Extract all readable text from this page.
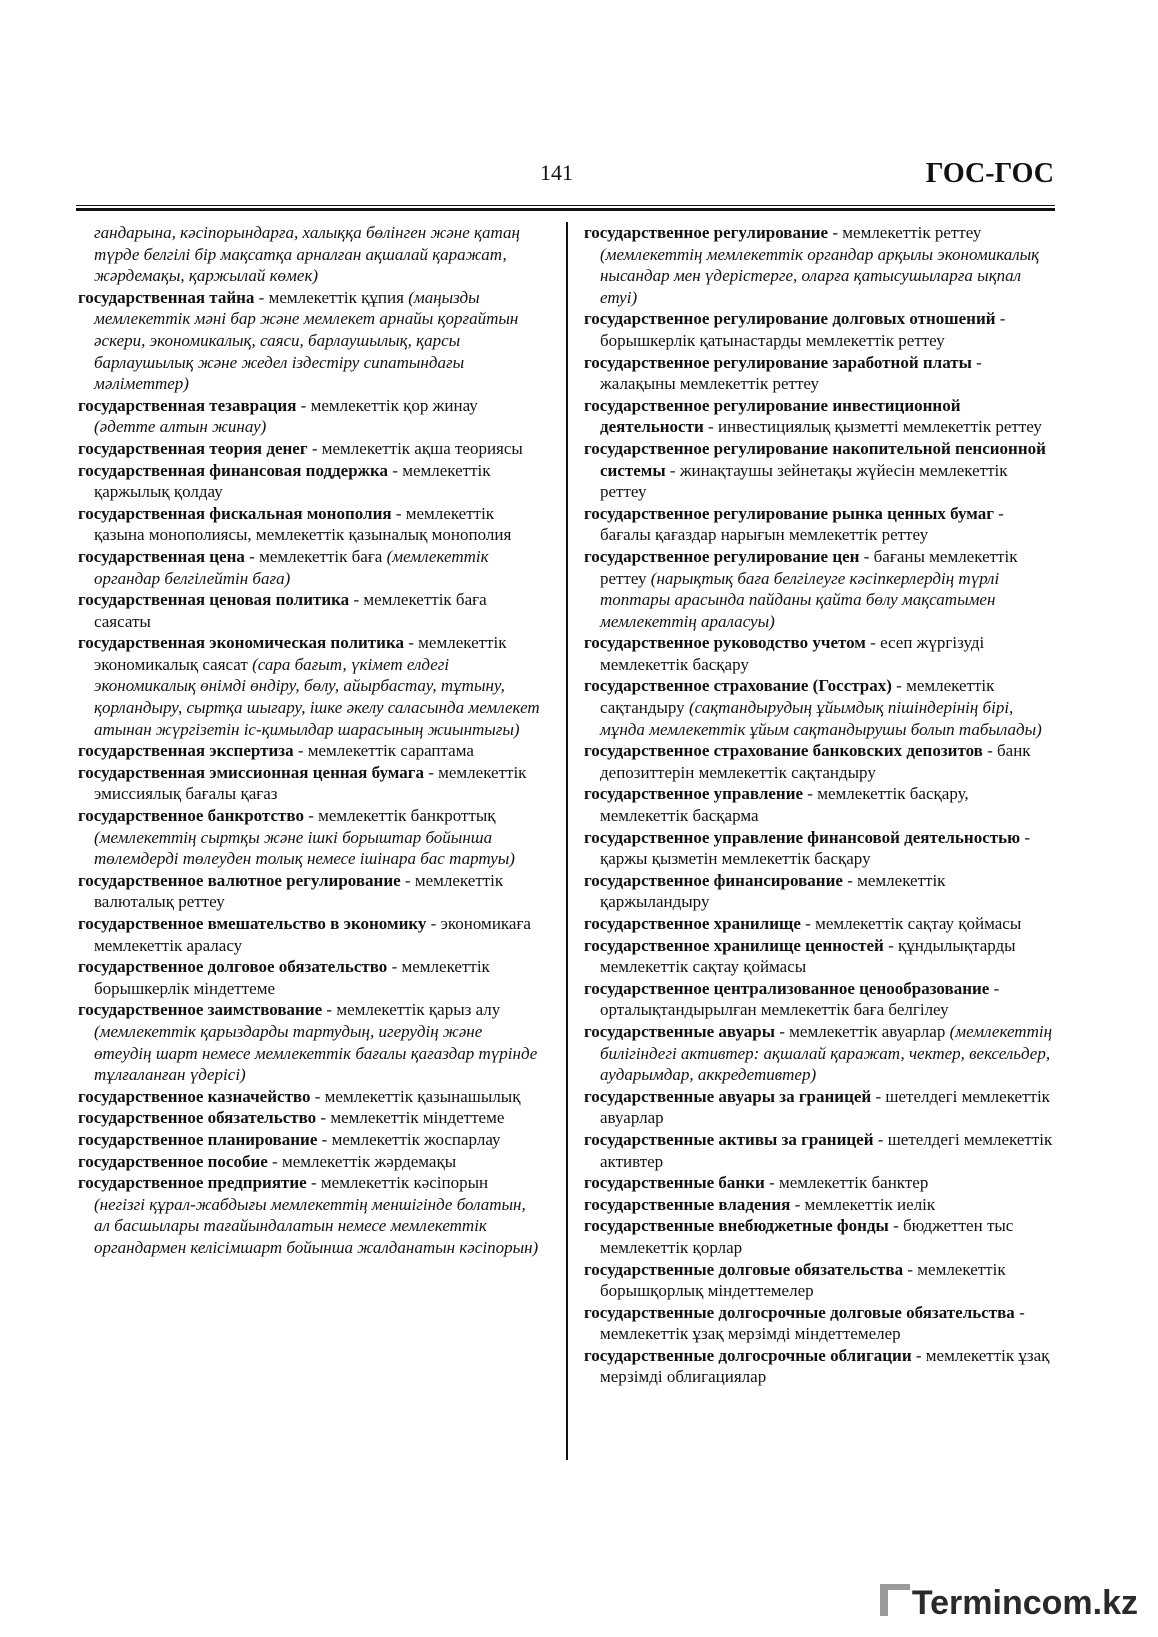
141	ГОС-ГОС

гандарына, кәсіпорындарға, халыққа бөлінген және қатаң түрде белгілі бір мақсатқа арналған ақшалай қаражат, жәрдемақы, қаржылай көмек)

государственная тайна - мемлекеттік құпия (маңызды мемлекеттік мәні бар және мемлекет арнайы қорғайтын әскери, экономикалық, саяси, барлаушылық, қарсы барлаушылық және жедел іздестіру сипатындағы мәліметтер)

государственная тезаврация - мемлекеттік қор жинау (әдетте алтын жинау)

государственная теория денег - мемлекеттік ақша теориясы

государственная финансовая поддержка - мемлекеттік қаржылық қолдау

государственная фискальная монополия - мемлекеттік қазына монополиясы, мемлекеттік қазыналық монополия

государственная цена - мемлекеттік баға (мемлекеттік органдар белгілейтін баға)

государственная ценовая политика - мемлекеттік баға саясаты

государственная экономическая политика - мемлекеттік экономикалық саясат (сара бағыт, үкімет елдегі экономикалық өнімді өндіру, бөлу, айырбастау, тұтыну, қорландыру, сыртқа шығару, ішке әкелу саласында мемлекет атынан жүргізетін іс-қимылдар шарасының жиынтығы)

государственная экспертиза - мемлекеттік сараптама

государственная эмиссионная ценная бумага - мемлекеттік эмиссиялық бағалы қағаз

государственное банкротство - мемлекеттік банкроттық (мемлекеттің сыртқы және ішкі борыштар бойынша төлемдерді төлеуден толық немесе ішінара бас тартуы)

государственное валютное регулирование - мемлекеттік валюталық реттеу

государственное вмешательство в экономику - экономикаға мемлекеттік араласу

государственное долговое обязательство - мемлекеттік борышкерлік міндеттеме

государственное заимствование - мемлекеттік қарыз алу (мемлекеттік қарыздарды тартудың, игерудің және өтеудің шарт немесе мемлекеттік бағалы қағаздар түрінде тұлғаланған үдерісі)

государственное казначейство - мемлекеттік қазынашылық

государственное обязательство - мемлекеттік міндеттеме

государственное планирование - мемлекеттік жоспарлау

государственное пособие - мемлекеттік жәрдемақы

государственное предприятие - мемлекеттік кәсіпорын (негізгі құрал-жабдығы мемлекеттің меншігінде болатын, ал басшылары тағайындалатын немесе мемлекеттік органдармен келісімшарт бойынша жалданатын кәсіпорын)

государственное регулирование - мемлекеттік реттеу (мемлекеттің мемлекеттік органдар арқылы экономикалық нысандар мен үдерістерге, оларға қатысушыларға ықпал етуі)

государственное регулирование долговых отношений - борышкерлік қатынастарды мемлекеттік реттеу

государственное регулирование заработной платы - жалақыны мемлекеттік реттеу

государственное регулирование инвестиционной деятельности - инвестициялық қызметті мемлекеттік реттеу

государственное регулирование накопительной пенсионной системы - жинақтаушы зейнетақы жүйесін мемлекеттік реттеу

государственное регулирование рынка ценных бумаг - бағалы қағаздар нарығын мемлекеттік реттеу

государственное регулирование цен - бағаны мемлекеттік реттеу (нарықтық баға белгілеуге кәсіпкерлердің түрлі топтары арасында пайданы қайта бөлу мақсатымен мемлекеттің араласуы)

государственное руководство учетом - есеп жүргізуді мемлекеттік басқару

государственное страхование (Госстрах) - мемлекеттік сақтандыру (сақтандырудың ұйымдық пішіндерінің бірі, мұнда мемлекеттік ұйым сақтандырушы болып табылады)

государственное страхование банковских депозитов - банк депозиттерін мемлекеттік сақтандыру

государственное управление - мемлекеттік басқару, мемлекеттік басқарма

государственное управление финансовой деятельностью - қаржы қызметін мемлекеттік басқару

государственное финансирование - мемлекеттік қаржыландыру

государственное хранилище - мемлекеттік сақтау қоймасы

государственное хранилище ценностей - құндылықтарды мемлекеттік сақтау қоймасы

государственное централизованное ценообразование - орталықтандырылған мемлекеттік баға белгілеу

государственные авуары - мемлекеттік авуарлар (мемлекеттің билігіндегі активтер: ақшалай қаражат, чектер, вексельдер, аударымдар, аккредетивтер)

государственные авуары за границей - шетелдегі мемлекеттік авуарлар

государственные активы за границей - шетелдегі мемлекеттік активтер

государственные банки - мемлекеттік банктер

государственные владения - мемлекеттік иелік

государственные внебюджетные фонды - бюджеттен тыс мемлекеттік қорлар

государственные долговые обязательства - мемлекеттік борышқорлық міндеттемелер

государственные долгосрочные долговые обязательства - мемлекеттік ұзақ мерзімді міндеттемелер

государственные долгосрочные облигации - мемлекеттік ұзақ мерзімді облигациялар

Termincom.kz
